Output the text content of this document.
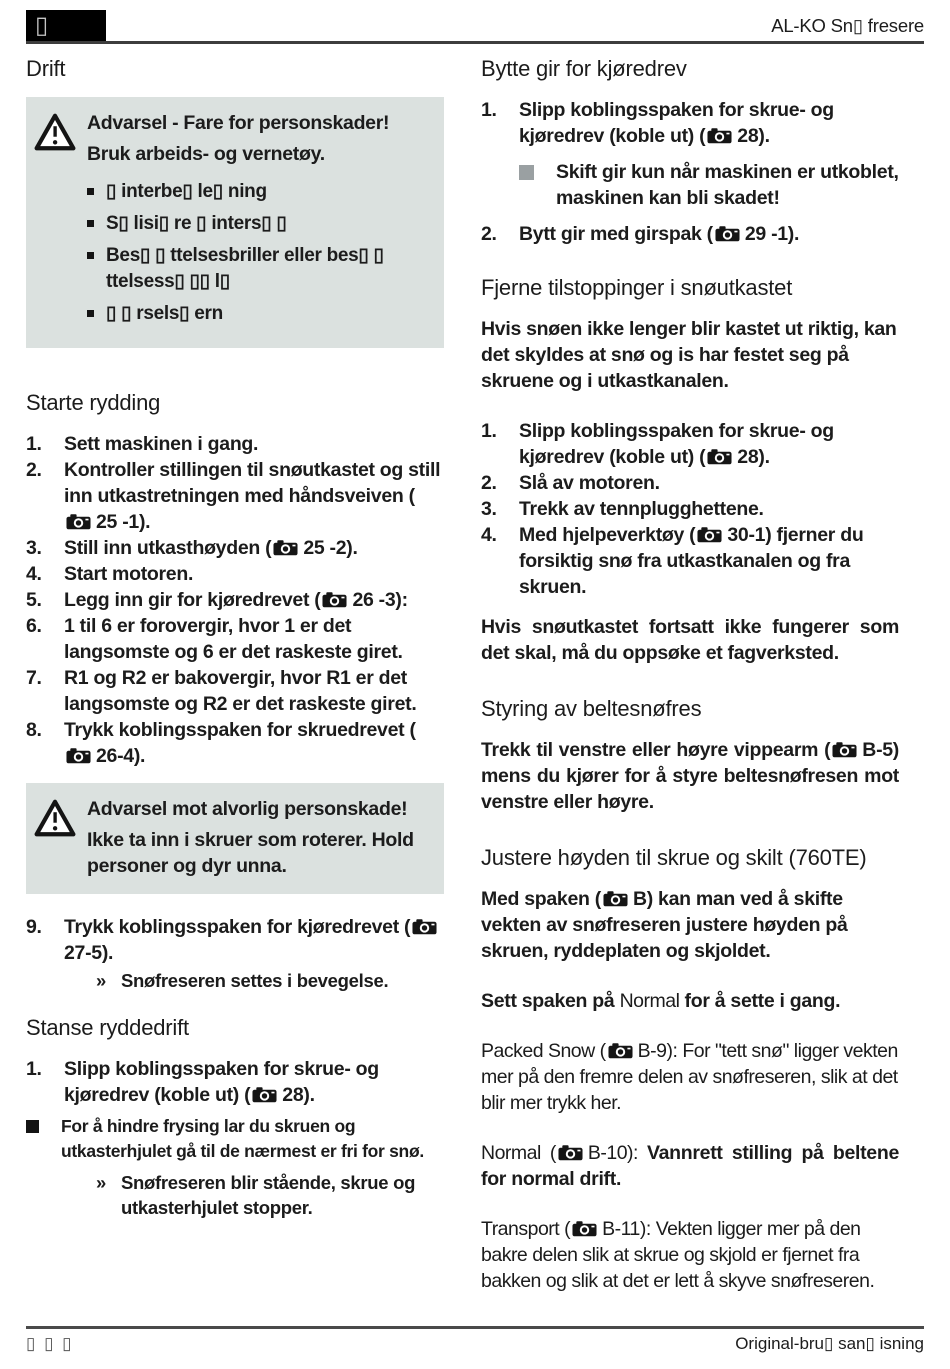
▯	AL-KO Sn▯ fresere
Drift

Advarsel - Fare for personskader!

Bruk arbeids- og vernetøy.

▯ interbe▯ le▯ ning
S▯ lisi▯ re ▯ inters▯ ▯
Bes▯ ▯ ttelsesbriller eller bes▯ ▯ ttelsess▯ ▯▯ l▯
▯ ▯ rsels▯ ern
Starte rydding
1.	Sett maskinen i gang.
2.	Kontroller stillingen til snøutkastet og still inn utkastretningen med håndsveiven (25 -1).
3.	Still inn utkasthøyden ( 25 -2).
4.	Start motoren.
5.	Legg inn gir for kjøredrevet ( 26 -3):
6.	1 til 6 er forovergir, hvor 1 er det langsomste og 6 er det raskeste giret.
7.	R1 og R2 er bakovergir, hvor R1 er det langsomste og R2 er det raskeste giret.
8.	Trykk koblingsspaken for skruedrevet (26-4).

Advarsel mot alvorlig personskade!

Ikke ta inn i skruer som roterer. Hold personer og dyr unna.

9.	Trykk koblingsspaken for kjøredrevet (27-5).
» Snøfreseren settes i bevegelse.
Stanse ryddedrift
1.	Slipp koblingsspaken for skrue- og kjøredrev (koble ut) ( 28).
For å hindre frysing lar du skruen og utkasterhjulet gå til de nærmest er fri for snø.
» Snøfreseren blir stående, skrue og utkasterhjulet stopper.
Bytte gir for kjøredrev
1.	Slipp koblingsspaken for skrue- og kjøredrev (koble ut) ( 28).
Skift gir kun når maskinen er utkoblet, maskinen kan bli skadet!
2.	Bytt gir med girspak ( 29 -1).
Fjerne tilstoppinger i snøutkastet

Hvis snøen ikke lenger blir kastet ut riktig, kan det skyldes at snø og is har festet seg på skruene og i utkastkanalen.

1.	Slipp koblingsspaken for skrue- og kjøredrev (koble ut) ( 28).
2.	Slå av motoren.
3.	Trekk av tennplugghettene.
4.	Med hjelpeverktøy ( 30-1) fjerner du forsiktig snø fra utkastkanalen og fra skruen.

Hvis snøutkastet fortsatt ikke fungerer som det skal, må du oppsøke et fagverksted.

Styring av beltesnøfres

Trekk til venstre eller høyre vippearm ( B-5) mens du kjører for å styre beltesnøfresen mot venstre eller høyre.

Justere høyden til skrue og skilt (760TE)

Med spaken ( B) kan man ved å skifte vekten av snøfreseren justere høyden på skruen, ryddeplaten og skjoldet.

Sett spaken på Normal for å sette i gang.

Packed Snow ( B-9): For "tett snø" ligger vekten mer på den fremre delen av snøfreseren, slik at det blir mer trykk her.

Normal ( B-10): Vannrett stilling på beltene for normal drift.

Transport ( B-11): Vekten ligger mer på den bakre delen slik at skrue og skjold er fjernet fra bakken og slik at det er lett å skyve snøfreseren.

▯ ▯ ▯	Original-bru▯ san▯ isning
